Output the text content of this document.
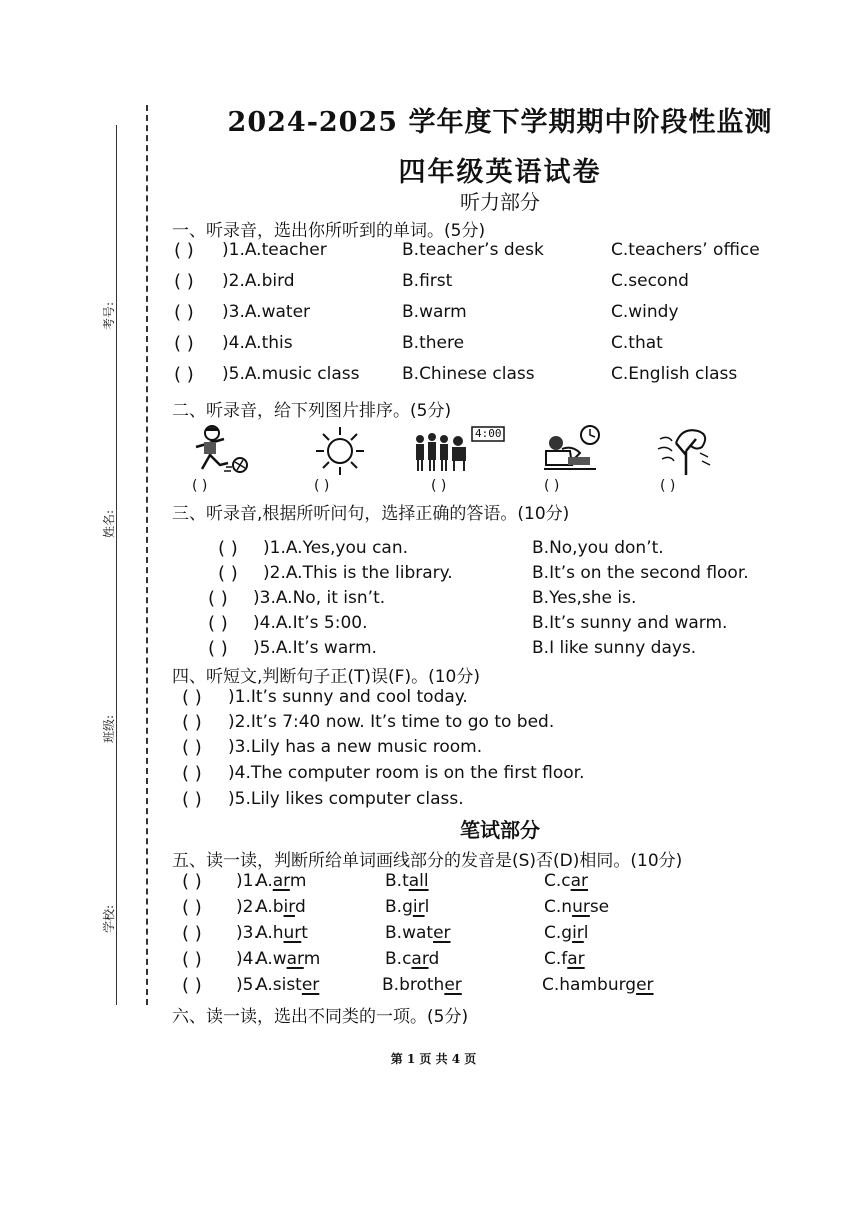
考号:
姓名:
班级:
学校:
2024-2025 学年度下学期期中阶段性监测
四年级英语试卷
听力部分
一、听录音，选出你所听到的单词。(5分)
( ) )1.A.teacher	B.teacher’s desk	C.teachers’ office
( ) )2.A.bird	B.first	C.second
( ) )3.A.water	B.warm	C.windy
( ) )4.A.this	B.there	C.that
( ) )5.A.music class	B.Chinese class	C.English class
二、听录音，给下列图片排序。(5分)
4:00
( )	( )	( )	( )	( )
三、听录音,根据所听问句，选择正确的答语。(10分)
( ) )1.A.Yes,you can.	B.No,you don’t.
( ) )2.A.This is the library.	B.It’s on the second floor.
( ) )3.A.No, it isn’t.	B.Yes,she is.
( ) )4.A.It’s 5:00.	B.It’s sunny and warm.
( ) )5.A.It’s warm.	B.I like sunny days.
四、听短文,判断句子正(T)误(F)。(10分)
( ) )1.It’s sunny and cool today.
( ) )2.It’s 7:40 now. It’s time to go to bed.
( ) )3.Lily has a new music room.
( ) )4.The computer room is on the first floor.
( ) )5.Lily likes computer class.
笔试部分
五、读一读，判断所给单词画线部分的发音是(S)否(D)相同。(10分)
( ) )1.
A.arm	B.tall	C.car
( ) )2.
A.bird	B.girl	C.nurse
( ) )3.
A.hurt	B.water	C.girl
( ) )4.
A.warm	B.card	C.far
( ) )5.
A.sister	B.brother	C.hamburger
六、读一读，选出不同类的一项。(5分)
第 1 页 共 4 页
